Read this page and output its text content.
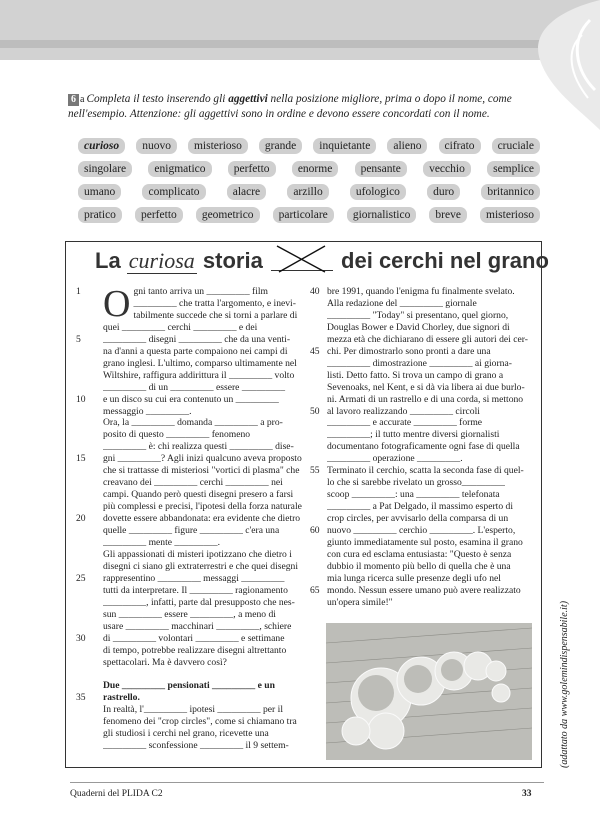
6 a Completa il testo inserendo gli aggettivi nella posizione migliore, prima o dopo il nome, come nell'esempio. Attenzione: gli aggettivi sono in ordine e devono essere concordati con il nome.
curioso	nuovo	misterioso	grande	inquietante	alieno	cifrato	cruciale
singolare	enigmatico	perfetto	enorme	pensante	vecchio	semplice
umano	complicato	alacre	arzillo	ufologico	duro	britannico
pratico	perfetto	geometrico	particolare	giornalistico	breve	misterioso
La curiosa storia	dei cerchi nel grano
O gni tanto arriva un _________ film
_________ che tratta l'argomento, e inevi-
tabilmente succede che si torni a parlare di
quei _________ cerchi _________ e dei
_________ disegni _________ che da una venti-
na d'anni a questa parte compaiono nei campi di
grano inglesi. L'ultimo, comparso ultimamente nel
Wiltshire, raffigura addirittura il _________ volto
_________ di un _________ essere _________
e un disco su cui era contenuto un _________
messaggio _________.
Ora, la _________ domanda _________ a pro-
posito di questo _________ fenomeno
_________ è: chi realizza questi _________ dise-
gni _________? Agli inizi qualcuno aveva proposto
che si trattasse di misteriosi "vortici di plasma" che
creavano dei _________ cerchi _________ nei
campi. Quando però questi disegni presero a farsi
più complessi e precisi, l'ipotesi della forza naturale
dovette essere abbandonata: era evidente che dietro
quelle _________ figure _________ c'era una
_________ mente _________.
Gli appassionati di misteri ipotizzano che dietro i
disegni ci siano gli extraterrestri e che quei disegni
rappresentino _________ messaggi _________
tutti da interpretare. Il _________ ragionamento
_________, infatti, parte dal presupposto che nes-
sun _________ essere _________, a meno di
usare _________ macchinari _________, schiere
di _________ volontari _________ e settimane
di tempo, potrebbe realizzare disegni altrettanto
spettacolari. Ma è davvero così?

Due _________ pensionati _________ e un
rastrello.
In realtà, l'_________ ipotesi _________ per il
fenomeno dei "crop circles", come si chiamano tra
gli studiosi i cerchi nel grano, ricevette una
_________ sconfessione _________ il 9 settem-
bre 1991, quando l'enigma fu finalmente svelato.
Alla redazione del _________ giornale
_________ "Today" si presentano, quel giorno,
Douglas Bower e David Chorley, due signori di
mezza età che dichiarano di essere gli autori dei cer-
chi. Per dimostrarlo sono pronti a dare una
_________ dimostrazione _________ ai giorna-
listi. Detto fatto. Si trova un campo di grano a
Sevenoaks, nel Kent, e si dà via libera ai due burlo-
ni. Armati di un rastrello e di una corda, si mettono
al lavoro realizzando _________ circoli
_________ e accurate _________ forme
_________; il tutto mentre diversi giornalisti
documentano fotograficamente ogni fase di quella
_________ operazione _________.
Terminato il cerchio, scatta la seconda fase di quel-
lo che si sarebbe rivelato un grosso_________
scoop _________: una _________ telefonata
_________ a Pat Delgado, il massimo esperto di
crop circles, per avvisarlo della comparsa di un
nuovo _________ cerchio _________. L'esperto,
giunto immediatamente sul posto, esamina il grano
con cura ed esclama entusiasta: "Questo è senza
dubbio il momento più bello di quella che è una
mia lunga ricerca sulle presenze degli ufo nel
mondo. Nessun essere umano può avere realizzato
un'opera simile!"
1
5
10
15
20
25
30
35
40
45
50
55
60
65
(adattato da www.golemindispensabile.it)
Quaderni del PLIDA C2	33
